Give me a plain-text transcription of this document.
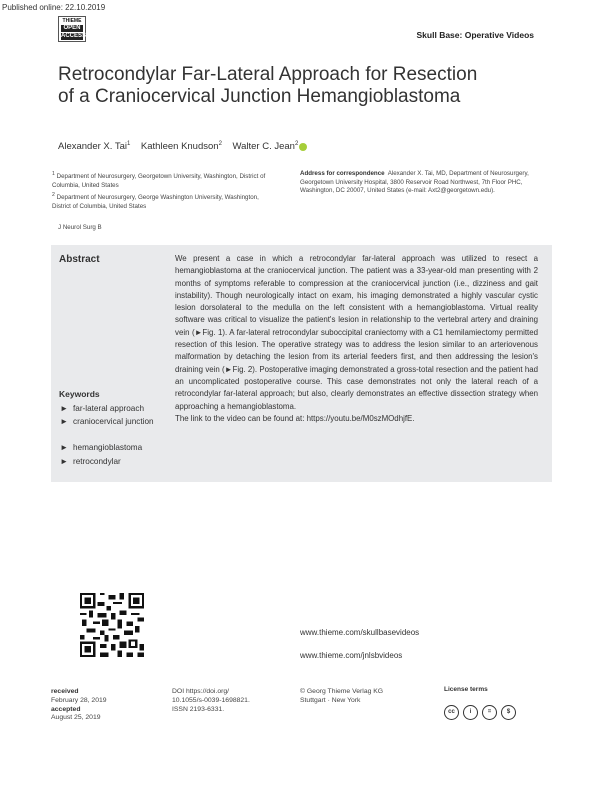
Published online: 22.10.2019
THIEME
OPEN
ACCESS	Skull Base: Operative Videos
Retrocondylar Far-Lateral Approach for Resection of a Craniocervical Junction Hemangioblastoma
Alexander X. Tai$^1$ Kathleen Knudson$^2$ Walter C. Jean$^2$
$^1$ Department of Neurosurgery, Georgetown University, Washington, District of Columbia, United States
$^2$ Department of Neurosurgery, George Washington University, Washington, District of Columbia, United States
Address for correspondence Alexander X. Tai, MD, Department of Neurosurgery, Georgetown University Hospital, 3800 Reservoir Road Northwest, 7th Floor PHC, Washington, DC 20007, United States (e-mail: Axt2@georgetown.edu).
J Neurol Surg B
Abstract	We present a case in which a retrocondylar far-lateral approach was utilized to resect a hemangioblastoma at the craniocervical junction. The patient was a 33-year-old man presenting with 2 months of symptoms referable to compression at the craniocervical junction (i.e., dizziness and gait instability). Though neurologically intact on exam, his imaging demonstrated a highly vascular cystic lesion dorsolateral to the medulla on the left consistent with a hemangioblastoma. Virtual reality software was critical to visualize the patient's lesion in relationship to the vertebral artery and draining vein (►Fig. 1). A far-lateral retrocondylar suboccipital craniectomy with a C1 hemilamiectomy permitted resection of this lesion. The operative strategy was to address the lesion similar to an arteriovenous malformation by detaching the lesion from its arterial feeders first, and then addressing the lesion's draining vein (►Fig. 2). Postoperative imaging demonstrated a gross-total resection and the patient had an uncomplicated postoperative course. This case demonstrates not only the lateral reach of a retrocondylar far-lateral approach; but also, clearly demonstrates an effective dissection strategy when approaching a hemangioblastoma.
The link to the video can be found at: https://youtu.be/M0szMOdhjfE.
Keywords
► far-lateral approach
► craniocervical junction
► hemangioblastoma
► retrocondylar
www.thieme.com/skullbasevideos
www.thieme.com/jnlsbvideos
received
February 28, 2019
accepted
August 25, 2019
DOI https://doi.org/
10.1055/s-0039-1698821.
ISSN 2193-6331.
© Georg Thieme Verlag KG
Stuttgart · New York
License terms
cc i	=	$
